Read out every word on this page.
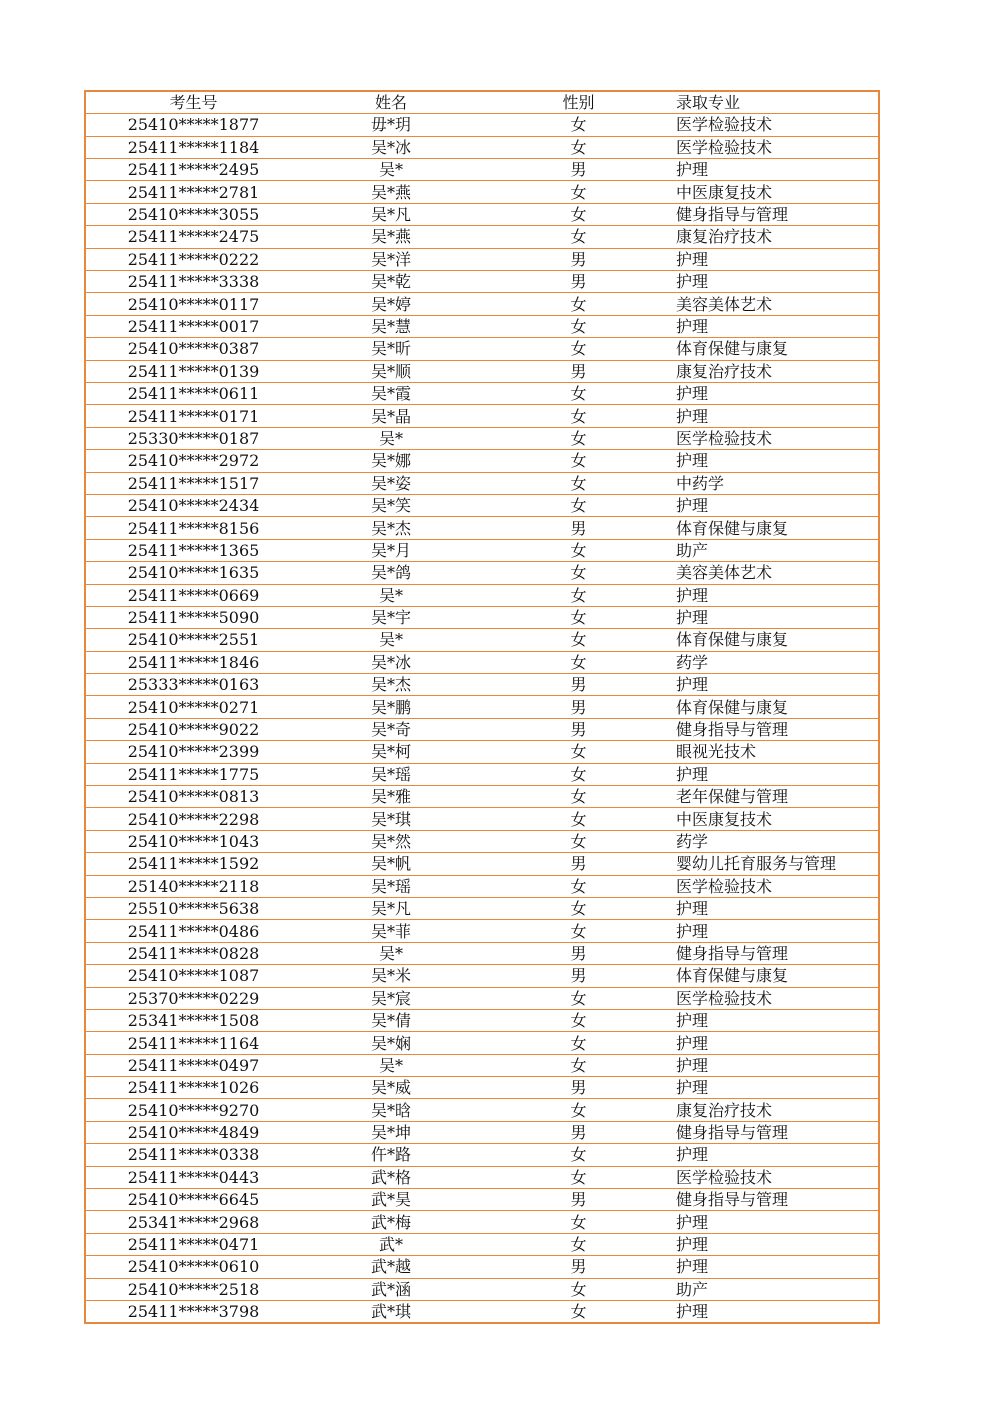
考生号	姓名	性别	录取专业
25410*****1877	毋*玥	女	医学检验技术
25411*****1184	吴*冰	女	医学检验技术
25411*****2495	吴*	男	护理
25411*****2781	吴*燕	女	中医康复技术
25410*****3055	吴*凡	女	健身指导与管理
25411*****2475	吴*燕	女	康复治疗技术
25411*****0222	吴*洋	男	护理
25411*****3338	吴*乾	男	护理
25410*****0117	吴*婷	女	美容美体艺术
25411*****0017	吴*慧	女	护理
25410*****0387	吴*昕	女	体育保健与康复
25411*****0139	吴*顺	男	康复治疗技术
25411*****0611	吴*霞	女	护理
25411*****0171	吴*晶	女	护理
25330*****0187	吴*	女	医学检验技术
25410*****2972	吴*娜	女	护理
25411*****1517	吴*姿	女	中药学
25410*****2434	吴*笑	女	护理
25411*****8156	吴*杰	男	体育保健与康复
25411*****1365	吴*月	女	助产
25410*****1635	吴*鸽	女	美容美体艺术
25411*****0669	吴*	女	护理
25411*****5090	吴*宇	女	护理
25410*****2551	吴*	女	体育保健与康复
25411*****1846	吴*冰	女	药学
25333*****0163	吴*杰	男	护理
25410*****0271	吴*鹏	男	体育保健与康复
25410*****9022	吴*奇	男	健身指导与管理
25410*****2399	吴*柯	女	眼视光技术
25411*****1775	吴*瑶	女	护理
25410*****0813	吴*雅	女	老年保健与管理
25410*****2298	吴*琪	女	中医康复技术
25410*****1043	吴*然	女	药学
25411*****1592	吴*帆	男	婴幼儿托育服务与管理
25140*****2118	吴*瑶	女	医学检验技术
25510*****5638	吴*凡	女	护理
25411*****0486	吴*菲	女	护理
25411*****0828	吴*	男	健身指导与管理
25410*****1087	吴*米	男	体育保健与康复
25370*****0229	吴*宸	女	医学检验技术
25341*****1508	吴*倩	女	护理
25411*****1164	吴*娴	女	护理
25411*****0497	吴*	女	护理
25411*****1026	吴*威	男	护理
25410*****9270	吴*晗	女	康复治疗技术
25410*****4849	吴*坤	男	健身指导与管理
25411*****0338	仵*路	女	护理
25411*****0443	武*格	女	医学检验技术
25410*****6645	武*昊	男	健身指导与管理
25341*****2968	武*梅	女	护理
25411*****0471	武*	女	护理
25410*****0610	武*越	男	护理
25410*****2518	武*涵	女	助产
25411*****3798	武*琪	女	护理
